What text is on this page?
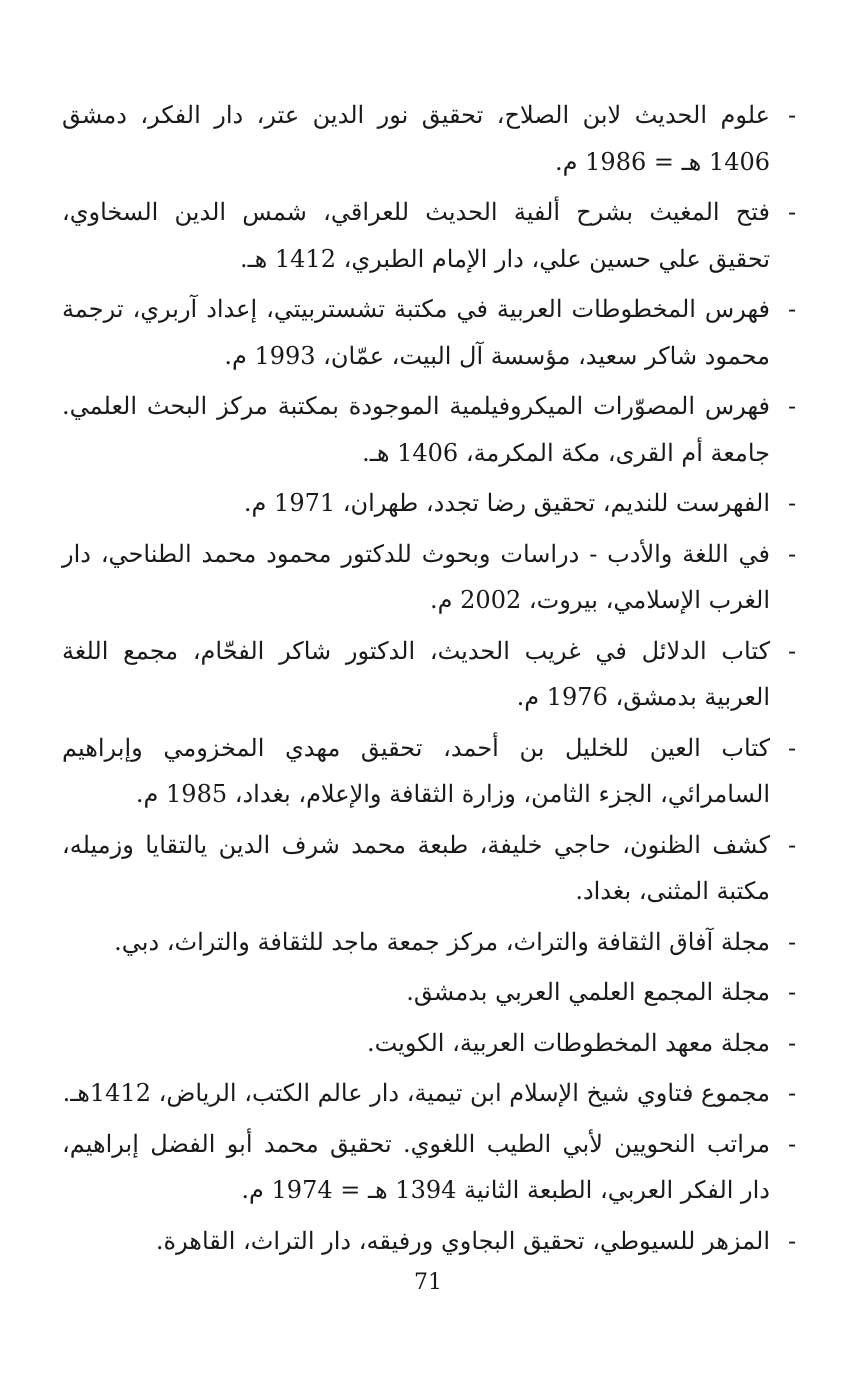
-
علوم الحديث لابن الصلاح، تحقيق نور الدين عتر، دار الفكر، دمشق 1406 هـ = 1986 م.
-
فتح المغيث بشرح ألفية الحديث للعراقي، شمس الدين السخاوي، تحقيق علي حسين علي، دار الإمام الطبري، 1412 هـ.
-
فهرس المخطوطات العربية في مكتبة تشستربيتي، إعداد آربري، ترجمة محمود شاكر سعيد، مؤسسة آل البيت، عمّان، 1993 م.
-
فهرس المصوّرات الميكروفيلمية الموجودة بمكتبة مركز البحث العلمي. جامعة أم القرى، مكة المكرمة، 1406 هـ.
-
الفهرست للنديم، تحقيق رضا تجدد، طهران، 1971 م.
-
في اللغة والأدب - دراسات وبحوث للدكتور محمود محمد الطناحي، دار الغرب الإسلامي، بيروت، 2002 م.
-
كتاب الدلائل في غريب الحديث، الدكتور شاكر الفحّام، مجمع اللغة العربية بدمشق، 1976 م.
-
كتاب العين للخليل بن أحمد، تحقيق مهدي المخزومي وإبراهيم السامرائي، الجزء الثامن، وزارة الثقافة والإعلام، بغداد، 1985 م.
-
كشف الظنون، حاجي خليفة، طبعة محمد شرف الدين يالتقايا وزميله، مكتبة المثنى، بغداد.
-
مجلة آفاق الثقافة والتراث، مركز جمعة ماجد للثقافة والتراث، دبي.
-
مجلة المجمع العلمي العربي بدمشق.
-
مجلة معهد المخطوطات العربية، الكويت.
-
مجموع فتاوي شيخ الإسلام ابن تيمية، دار عالم الكتب، الرياض، 1412هـ.
-
مراتب النحويين لأبي الطيب اللغوي. تحقيق محمد أبو الفضل إبراهيم، دار الفكر العربي، الطبعة الثانية 1394 هـ = 1974 م.
-
المزهر للسيوطي، تحقيق البجاوي ورفيقه، دار التراث، القاهرة.
71
